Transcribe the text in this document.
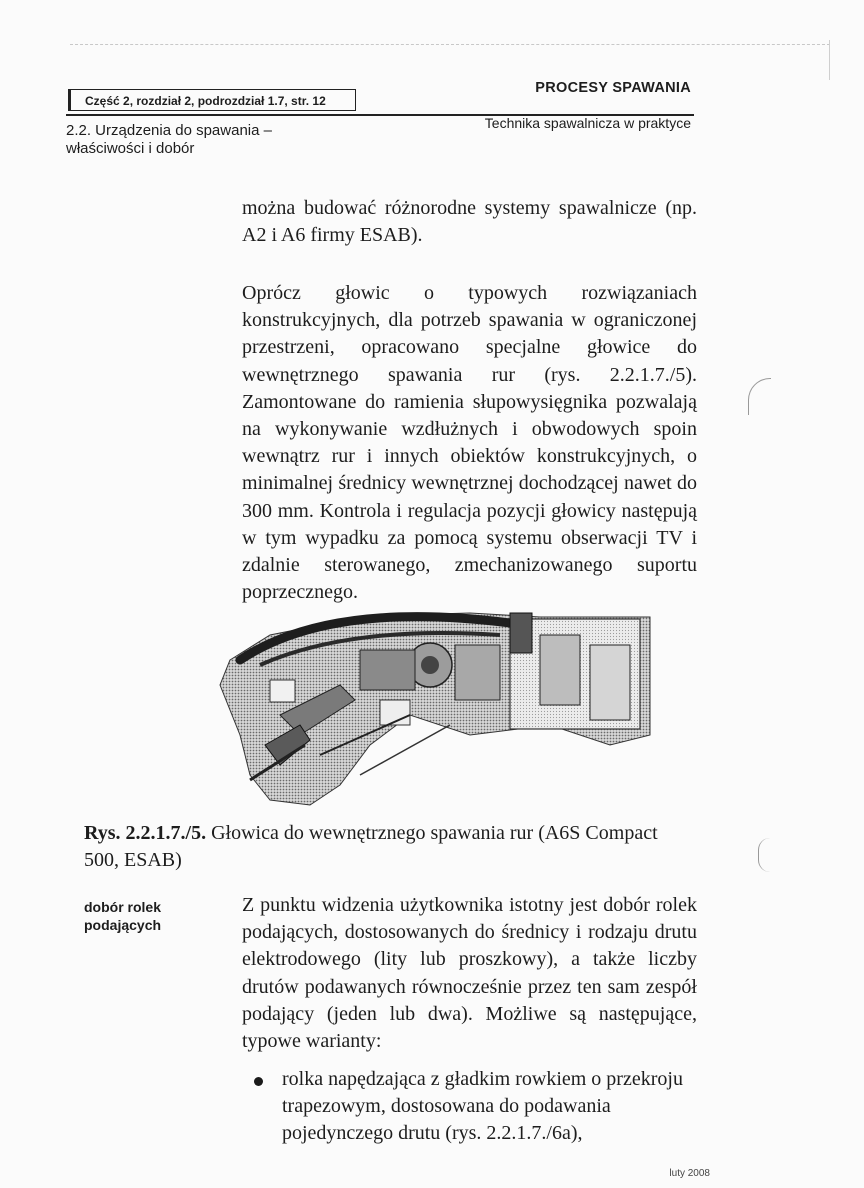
Część 2, rozdział 2, podrozdział 1.7, str. 12
PROCESY SPAWANIA
Technika spawalnicza w praktyce
2.2. Urządzenia do spawania – właściwości i dobór
można budować różnorodne systemy spawalnicze (np. A2 i A6 firmy ESAB).
Oprócz głowic o typowych rozwiązaniach konstrukcyjnych, dla potrzeb spawania w ograniczonej przestrzeni, opracowano specjalne głowice do wewnętrznego spawania rur (rys. 2.2.1.7./5). Zamontowane do ramienia słupowysięgnika pozwalają na wykonywanie wzdłużnych i obwodowych spoin wewnątrz rur i innych obiektów konstrukcyjnych, o minimalnej średnicy wewnętrznej dochodzącej nawet do 300 mm. Kontrola i regulacja pozycji głowicy następują w tym wypadku za pomocą systemu obserwacji TV i zdalnie sterowanego, zmechanizowanego suportu poprzecznego.
Rys. 2.2.1.7./5. Głowica do wewnętrznego spawania rur (A6S Compact 500, ESAB)
dobór rolek podających
Z punktu widzenia użytkownika istotny jest dobór rolek podających, dostosowanych do średnicy i rodzaju drutu elektrodowego (lity lub proszkowy), a także liczby drutów podawanych równocześnie przez ten sam zespół podający (jeden lub dwa). Możliwe są następujące, typowe warianty:
rolka napędzająca z gładkim rowkiem o przekroju trapezowym, dostosowana do podawania pojedynczego drutu (rys. 2.2.1.7./6a),
luty 2008
